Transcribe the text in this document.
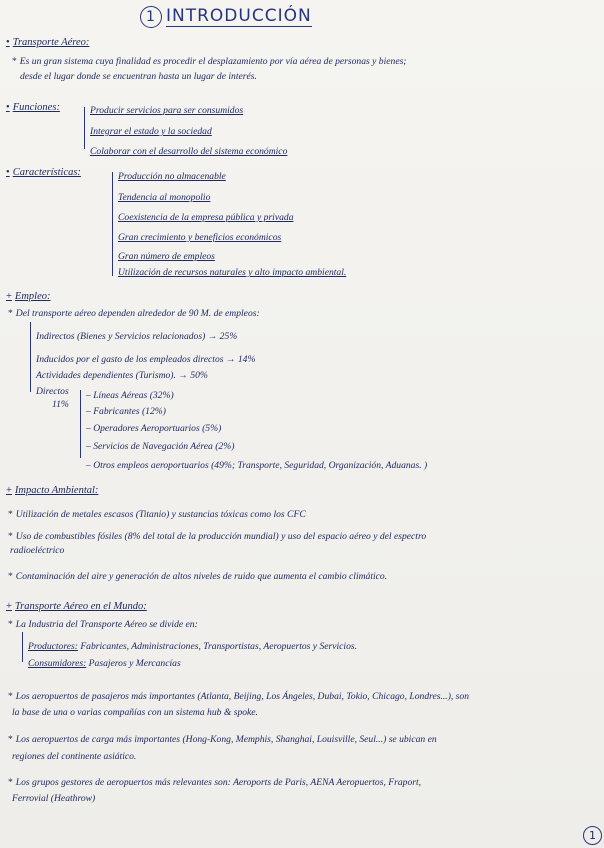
1 INTRODUCCIÓN
• Transporte Aéreo:
* Es un gran sistema cuya finalidad es procedir el desplazamiento por vía aérea de personas y bienes;
desde el lugar donde se encuentran hasta un lugar de interés.
• Funciones:	Producir servicios para ser consumidos
Integrar el estado y la sociedad
Colaborar con el desarrollo del sistema económico
• Características:	Producción no almacenable
Tendencia al monopolio
Coexistencia de la empresa pública y privada
Gran crecimiento y beneficios económicos
Gran número de empleos
Utilización de recursos naturales y alto impacto ambiental.
+ Empleo:
* Del transporte aéreo dependen alrededor de 90 M. de empleos:
Indirectos (Bienes y Servicios relacionados) → 25%
Inducidos por el gasto de los empleados directos → 14%
Actividades dependientes (Turismo). → 50%
Directos
11%
– Líneas Aéreas (32%)
– Fabricantes (12%)
– Operadores Aeroportuarios (5%)
– Servicios de Navegación Aérea (2%)
– Otros empleos aeroportuarios (49%; Transporte, Seguridad, Organización, Aduanas. )
+ Impacto Ambiental:
* Utilización de metales escasos (Titanio) y sustancias tóxicas como los CFC
* Uso de combustibles fósiles (8% del total de la producción mundial) y uso del espacio aéreo y del espectro
radioeléctrico
* Contaminación del aire y generación de altos niveles de ruido que aumenta el cambio climático.
+ Transporte Aéreo en el Mundo:
* La Industria del Transporte Aéreo se divide en:
Productores: Fabricantes, Administraciones, Transportistas, Aeropuertos y Servicios.
Consumidores: Pasajeros y Mercancías
* Los aeropuertos de pasajeros más importantes (Atlanta, Beijing, Los Ángeles, Dubai, Tokio, Chicago, Londres...), son
la base de una o varias compañías con un sistema hub & spoke.
* Los aeropuertos de carga más importantes (Hong-Kong, Memphis, Shanghai, Louisville, Seul...) se ubican en
regiones del continente asiático.
* Los grupos gestores de aeropuertos más relevantes son: Aeroports de Paris, AENA Aeropuertos, Fraport,
Ferrovial (Heathrow)
1
